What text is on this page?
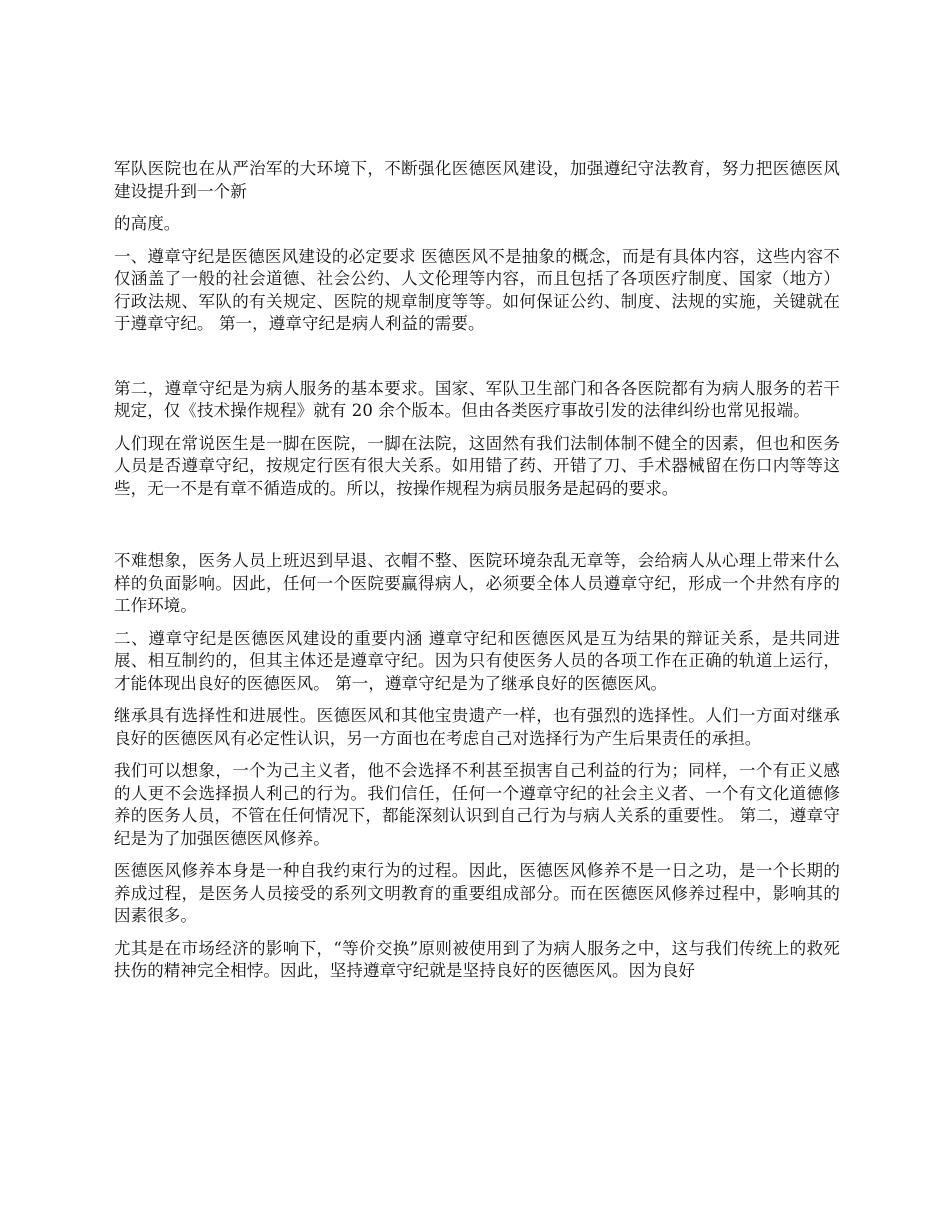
军队医院也在从严治军的大环境下，不断强化医德医风建设，加强遵纪守法教育，努力把医德医风建设提升到一个新

的高度。

一、遵章守纪是医德医风建设的必定要求 医德医风不是抽象的概念，而是有具体内容，这些内容不仅涵盖了一般的社会道德、社会公约、人文伦理等内容，而且包括了各项医疗制度、国家（地方）行政法规、军队的有关规定、医院的规章制度等等。如何保证公约、制度、法规的实施，关键就在于遵章守纪。 第一，遵章守纪是病人利益的需要。

第二，遵章守纪是为病人服务的基本要求。国家、军队卫生部门和各各医院都有为病人服务的若干规定，仅《技术操作规程》就有 20 余个版本。但由各类医疗事故引发的法律纠纷也常见报端。

人们现在常说医生是一脚在医院，一脚在法院，这固然有我们法制体制不健全的因素，但也和医务人员是否遵章守纪，按规定行医有很大关系。如用错了药、开错了刀、手术器械留在伤口内等等这些，无一不是有章不循造成的。所以，按操作规程为病员服务是起码的要求。

不难想象，医务人员上班迟到早退、衣帽不整、医院环境杂乱无章等，会给病人从心理上带来什么样的负面影响。因此，任何一个医院要赢得病人，必须要全体人员遵章守纪，形成一个井然有序的工作环境。

二、遵章守纪是医德医风建设的重要内涵 遵章守纪和医德医风是互为结果的辩证关系，是共同进展、相互制约的，但其主体还是遵章守纪。因为只有使医务人员的各项工作在正确的轨道上运行，才能体现出良好的医德医风。 第一，遵章守纪是为了继承良好的医德医风。

继承具有选择性和进展性。医德医风和其他宝贵遗产一样，也有强烈的选择性。人们一方面对继承良好的医德医风有必定性认识，另一方面也在考虑自己对选择行为产生后果责任的承担。

我们可以想象，一个为己主义者，他不会选择不利甚至损害自己利益的行为；同样，一个有正义感的人更不会选择损人利己的行为。我们信任，任何一个遵章守纪的社会主义者、一个有文化道德修养的医务人员，不管在任何情况下，都能深刻认识到自己行为与病人关系的重要性。 第二，遵章守纪是为了加强医德医风修养。

医德医风修养本身是一种自我约束行为的过程。因此，医德医风修养不是一日之功，是一个长期的养成过程，是医务人员接受的系列文明教育的重要组成部分。而在医德医风修养过程中，影响其的因素很多。

尤其是在市场经济的影响下，“等价交换”原则被使用到了为病人服务之中，这与我们传统上的救死扶伤的精神完全相悖。因此，坚持遵章守纪就是坚持良好的医德医风。因为良好
